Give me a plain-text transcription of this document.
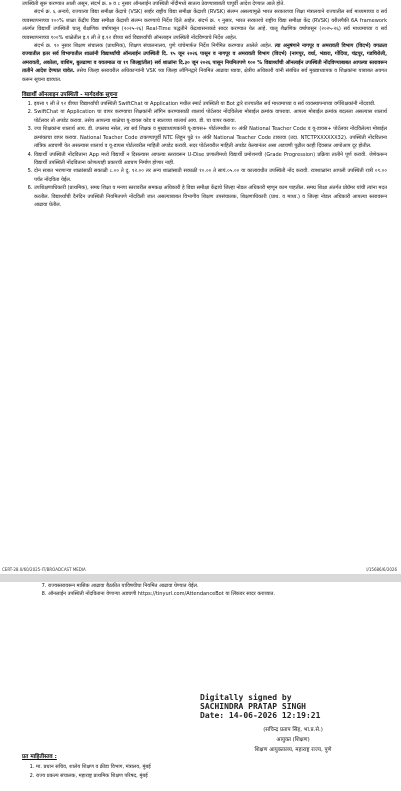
उपस्थिती सुरू करण्यात आली असून, संदर्भ क्र. ७ व ८ नुसार ऑनलाईन उपस्थिती नोंदीमध्ये सातत्य ठेवण्याबाबती यापूर्वी आदेश देण्यात आले होते.

संदर्भ क्र. ६ अन्वये, राज्यात्या विद्या समीक्षा केंद्राचे (VSK) सर्व्हर राष्ट्रीय विद्या समीक्षा केंद्राशी (RVSK) संलग्न असल्यामुळे भारत सरकारच्या शिक्षा मंत्रालयाने राज्यातील सर्व माध्यमाच्या व सर्व व्यवस्थापनाच्या १००% शाळा केंद्रीय विद्या समीक्षा केंद्राशी संलग्न करण्याचे निर्देश दिले आहेत. संदर्भ क्र. ९ नुसार, भारत सरकारचे राष्ट्रीय विद्या समीक्षा केंद्र (RVSK) वरीलपैकी 6A framework अंतर्गत विद्यार्थी उपस्थिती चालू शैक्षणिक वर्षापासून (२०२५-२६) Real-Time पद्धतीने केंद्रशासनाकडे सादर करण्यात येत आहे. चालू शैक्षणिक वर्षापासून (२०२५-२६) सर्व माध्यमाच्या व सर्व व्यवस्थापनाच्या १००% शाळेतील इ.१ ली ते इ.१२ वीच्या सर्व विद्यार्थ्यांची ऑनलाइन उपस्थिती नोंदविण्याचे निर्देश आहेत.

संदर्भ क्र. १० नुसार शिक्षण संचालक (प्राथमिक), शिक्षण संचालनालय, पुणे यांचेमार्फत निर्देश निर्गमित करण्यात आलेले आहेत. त्या अनुषंगाने नागपूर व अमरावती विभाग (विदर्भ) वगळता राज्यातील इतर सर्व विभागातील शाळांनी विद्यार्थ्यांची ऑनलाईन उपस्थिती दि. १५ जून २०२६ पासून व नागपूर व अमरावती विभाग (विदर्भ) (नागपूर, वर्धा, भंडारा, गोंदिया, चंद्रपूर, गडचिरोली, अमरावती, अकोला, वाशिम, बुलढाणा व यवतमाळ या ११ जिल्ह्यांतील) सर्व शाळांना दि.३० जून २०२६ पासून नियमितपणे १०० % विद्यार्थ्यांची ऑनलाईन उपस्थिती नोंदविण्याबाबत आपल्या स्तरावरून तातीने आदेश देण्यात यावेत. तसेच जिल्हा स्तरावरील अधिकाऱ्यांनी VSK च्या जिल्हा लॉगिनद्वारे नियमित आढावा घ्यावा, क्षेत्रीय अधिकारी यांनी संबंधित सर्व मुख्याध्यापक व शिक्षकांना याबाबत अवगत करून सूचना द्याव्यात.

विद्यार्थी ऑनलाइन उपस्थिती - मार्गदर्शक सूचना
1. इयत्ता १ ली ते १२ वीच्या विद्यार्थ्यांची उपस्थिती SwiftChat या Application मधील स्मार्ट उपस्थिती या Bot द्वारे राज्यातील सर्व माध्यमाच्या व सर्व व्यवस्थापनाच्या वर्गशिक्षकांनी नोंदवावी.
2. SwiftChat या Application चा वापर करण्याचा शिक्षकांनी लॉगिन करण्यासाठी शालार्थ पोर्टलवर नोंदविलेला मोबाईल क्रमांक वापरावा. आपला मोबाईल क्रमांक बदलला असल्यास शालार्थ पोर्टलवर तो अपडेट करावा. तसेच आपल्या शाळेचा यू-डायस कोड व स्वतःच्या शालार्थ आय. डी. चा वापर करावा.
3. ज्या शिक्षकांना शालार्थ आय. डी. उपलब्ध नसेल, त्या सर्व शिक्षक व मुख्याध्यापकांनी यू-डायस+ पोर्टलमधील १० अंकी National Teacher Code व यू-डायस+ पोर्टलवर नोंदविलेल्या मोबाईल क्रमांकाचा वापर करावा. National Teacher Code टाकण्यापूर्वी NTC लिहून पुढे १० अंकी National Teacher Code टाकावा (उदा. NTCTPXXXXXX32). उपस्थिती नोंदविताना तांत्रिक अडचणी येत असल्यास शालार्थ व यू-डायस पोर्टलवरील माहिती अपडेट करावी. सदर पोर्टलवरील माहिती अपडेट केल्यानंतर असा अडचणी पुढील काही दिवसात आपोआप दूर होतील.
4. विद्यार्थी उपस्थिती नोंदविताना App मध्ये विद्यार्थी न दिसल्यास आपल्या स्तरावरून U-Dise प्रणालीमध्ये विद्यार्थी प्रमोशनची (Grade Progression) प्रक्रिया तातीने पूर्ण करावी. जेणेकरून विद्यार्थी उपस्थिती नोंदविताना कोणत्याही प्रकारची अडचण निर्माण होणार नाही.
5. दोन सत्रात भरणाऱ्या शाळांसाठी सकाळी ८.०० ते दु. १२.०० तर अन्य शाळांसाठी सकाळी १०.०० ते सायं.०५.०० या कालावधीत उपस्थिती नोंद करावी. रात्रशाळांना आपली उपस्थिती रात्री ०९.०० पर्यंत नोंदविता येईल.
6. उपशिक्षणाधिकारी (प्राथमिक), समग्र शिक्षा व मनपा स्तरावरील समकक्ष अधिकारी हे विद्या समीक्षा केंद्राचे जिल्हा नोडल अधिकारी म्हणून काम पाहतील. समग्र शिक्षा अंतर्गत प्रोग्रॅमर यांची त्यांना मदत करतील. विद्यार्थ्यांची दैनंदिन उपस्थिती नियमितपणे नोंदविली जात असल्याबाबत विभागीय शिक्षण उपसंचालक, शिक्षणाधिकारी (प्राथ. व माध्य.) व जिल्हा नोडल अधिकारी आपल्या स्तरावरून आढावा घेतील.
CERT-28.0/60/2025-IT/BROADCAST MEDIA	I/15686/6/2026
7. राज्यस्तरावरून मासिक आढावा बैठकीत याविषयीचा नियमित आढावा घेण्यात येईल.
8. ऑनलाईन उपस्थिती नोंदविताना येणाऱ्या अडचणी https://tinyurl.com/AttendanceBot या लिंकवर सादर कराव्यात.
Digitally signed by
SACHINDRA PRATAP SINGH
Date: 14-06-2026 12:19:21
(सचिन्द्र प्रताप सिंह, भा.प्र.से.)
आयुक्त (शिक्षण)
शिक्षण आयुक्तालय, महाराष्ट्र राज्य, पुणे
प्रत माहितीस्तव :
1. मा. प्रधान सचिव, शालेय शिक्षण व क्रीडा विभाग, मंत्रालय, मुंबई
2. राज्य प्रकल्प संचालक, महाराष्ट्र प्राथमिक शिक्षण परिषद, मुंबई
